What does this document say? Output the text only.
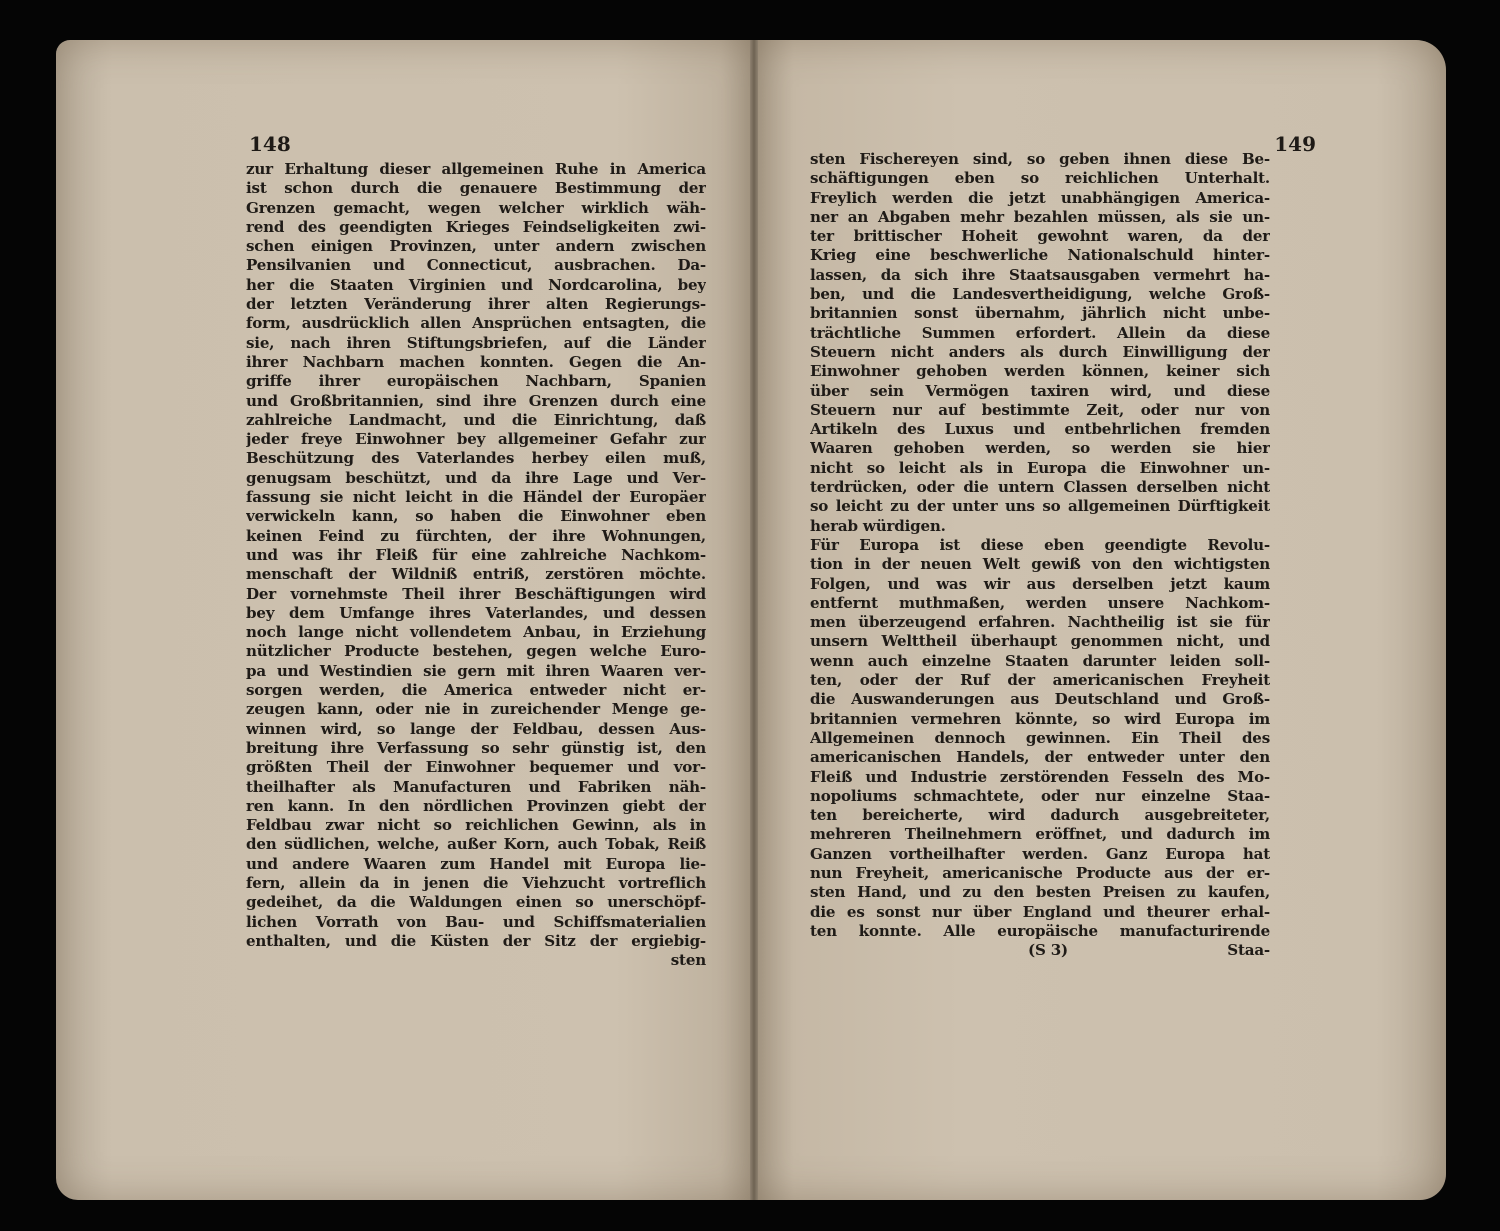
148
zur Erhaltung dieser allgemeinen Ruhe in America
ist schon durch die genauere Bestimmung der
Grenzen gemacht, wegen welcher wirklich wäh-
rend des geendigten Krieges Feindseligkeiten zwi-
schen einigen Provinzen, unter andern zwischen
Pensilvanien und Connecticut, ausbrachen. Da-
her die Staaten Virginien und Nordcarolina, bey
der letzten Veränderung ihrer alten Regierungs-
form, ausdrücklich allen Ansprüchen entsagten, die
sie, nach ihren Stiftungsbriefen, auf die Länder
ihrer Nachbarn machen konnten. Gegen die An-
griffe ihrer europäischen Nachbarn, Spanien
und Großbritannien, sind ihre Grenzen durch eine
zahlreiche Landmacht, und die Einrichtung, daß
jeder freye Einwohner bey allgemeiner Gefahr zur
Beschützung des Vaterlandes herbey eilen muß,
genugsam beschützt, und da ihre Lage und Ver-
fassung sie nicht leicht in die Händel der Europäer
verwickeln kann, so haben die Einwohner eben
keinen Feind zu fürchten, der ihre Wohnungen,
und was ihr Fleiß für eine zahlreiche Nachkom-
menschaft der Wildniß entriß, zerstören möchte.
Der vornehmste Theil ihrer Beschäftigungen wird
bey dem Umfange ihres Vaterlandes, und dessen
noch lange nicht vollendetem Anbau, in Erziehung
nützlicher Producte bestehen, gegen welche Euro-
pa und Westindien sie gern mit ihren Waaren ver-
sorgen werden, die America entweder nicht er-
zeugen kann, oder nie in zureichender Menge ge-
winnen wird, so lange der Feldbau, dessen Aus-
breitung ihre Verfassung so sehr günstig ist, den
größten Theil der Einwohner bequemer und vor-
theilhafter als Manufacturen und Fabriken näh-
ren kann. In den nördlichen Provinzen giebt der
Feldbau zwar nicht so reichlichen Gewinn, als in
den südlichen, welche, außer Korn, auch Tobak, Reiß
und andere Waaren zum Handel mit Europa lie-
fern, allein da in jenen die Viehzucht vortreflich
gedeihet, da die Waldungen einen so unerschöpf-
lichen Vorrath von Bau- und Schiffsmaterialien
enthalten, und die Küsten der Sitz der ergiebig-
sten
149
sten Fischereyen sind, so geben ihnen diese Be-
schäftigungen eben so reichlichen Unterhalt.
Freylich werden die jetzt unabhängigen America-
ner an Abgaben mehr bezahlen müssen, als sie un-
ter brittischer Hoheit gewohnt waren, da der
Krieg eine beschwerliche Nationalschuld hinter-
lassen, da sich ihre Staatsausgaben vermehrt ha-
ben, und die Landesvertheidigung, welche Groß-
britannien sonst übernahm, jährlich nicht unbe-
trächtliche Summen erfordert. Allein da diese
Steuern nicht anders als durch Einwilligung der
Einwohner gehoben werden können, keiner sich
über sein Vermögen taxiren wird, und diese
Steuern nur auf bestimmte Zeit, oder nur von
Artikeln des Luxus und entbehrlichen fremden
Waaren gehoben werden, so werden sie hier
nicht so leicht als in Europa die Einwohner un-
terdrücken, oder die untern Classen derselben nicht
so leicht zu der unter uns so allgemeinen Dürftigkeit
herab würdigen.
Für Europa ist diese eben geendigte Revolu-
tion in der neuen Welt gewiß von den wichtigsten
Folgen, und was wir aus derselben jetzt kaum
entfernt muthmaßen, werden unsere Nachkom-
men überzeugend erfahren. Nachtheilig ist sie für
unsern Welttheil überhaupt genommen nicht, und
wenn auch einzelne Staaten darunter leiden soll-
ten, oder der Ruf der americanischen Freyheit
die Auswanderungen aus Deutschland und Groß-
britannien vermehren könnte, so wird Europa im
Allgemeinen dennoch gewinnen. Ein Theil des
americanischen Handels, der entweder unter den
Fleiß und Industrie zerstörenden Fesseln des Mo-
nopoliums schmachtete, oder nur einzelne Staa-
ten bereicherte, wird dadurch ausgebreiteter,
mehreren Theilnehmern eröffnet, und dadurch im
Ganzen vortheilhafter werden. Ganz Europa hat
nun Freyheit, americanische Producte aus der er-
sten Hand, und zu den besten Preisen zu kaufen,
die es sonst nur über England und theurer erhal-
ten konnte. Alle europäische manufacturirende
(S 3)	Staa-
